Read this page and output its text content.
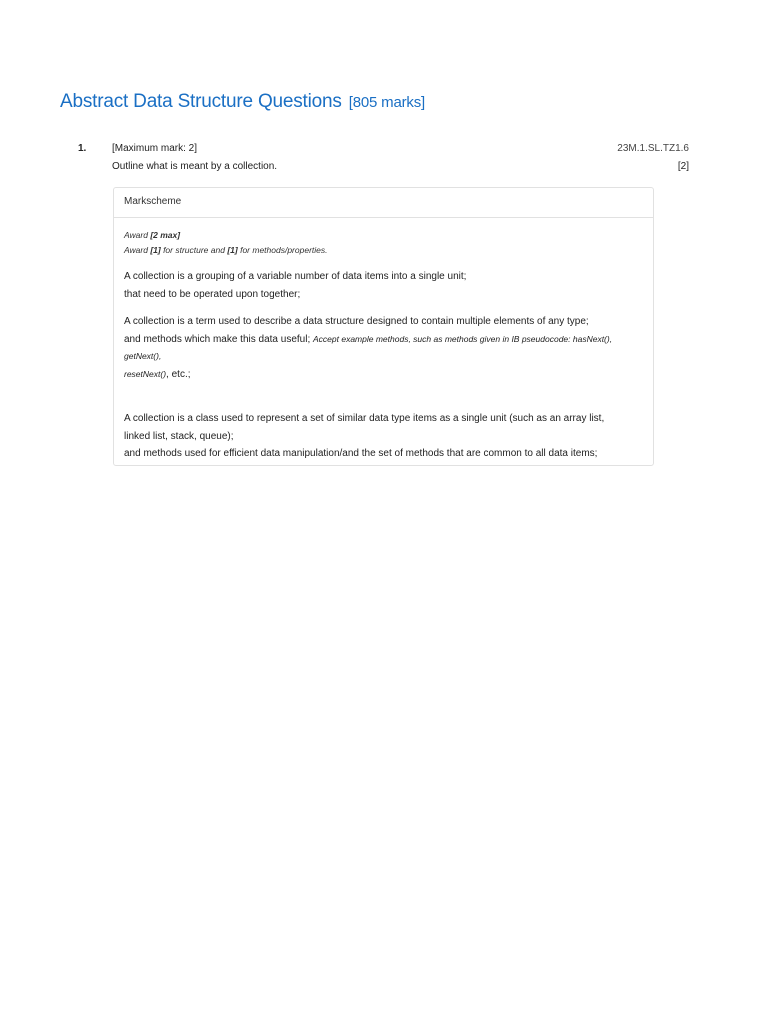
Abstract Data Structure Questions [805 marks]
1.	[Maximum mark: 2]	23M.1.SL.TZ1.6
Outline what is meant by a collection.	[2]
Markscheme
Award [2 max]
Award [1] for structure and [1] for methods/properties.
A collection is a grouping of a variable number of data items into a single unit;
that need to be operated upon together;
A collection is a term used to describe a data structure designed to contain multiple elements of any type;
and methods which make this data useful; Accept example methods, such as methods given in IB pseudocode: hasNext(), getNext(),
resetNext(), etc.;
A collection is a class used to represent a set of similar data type items as a single unit (such as an array list,
linked list, stack, queue);
and methods used for efficient data manipulation/and the set of methods that are common to all data items;
